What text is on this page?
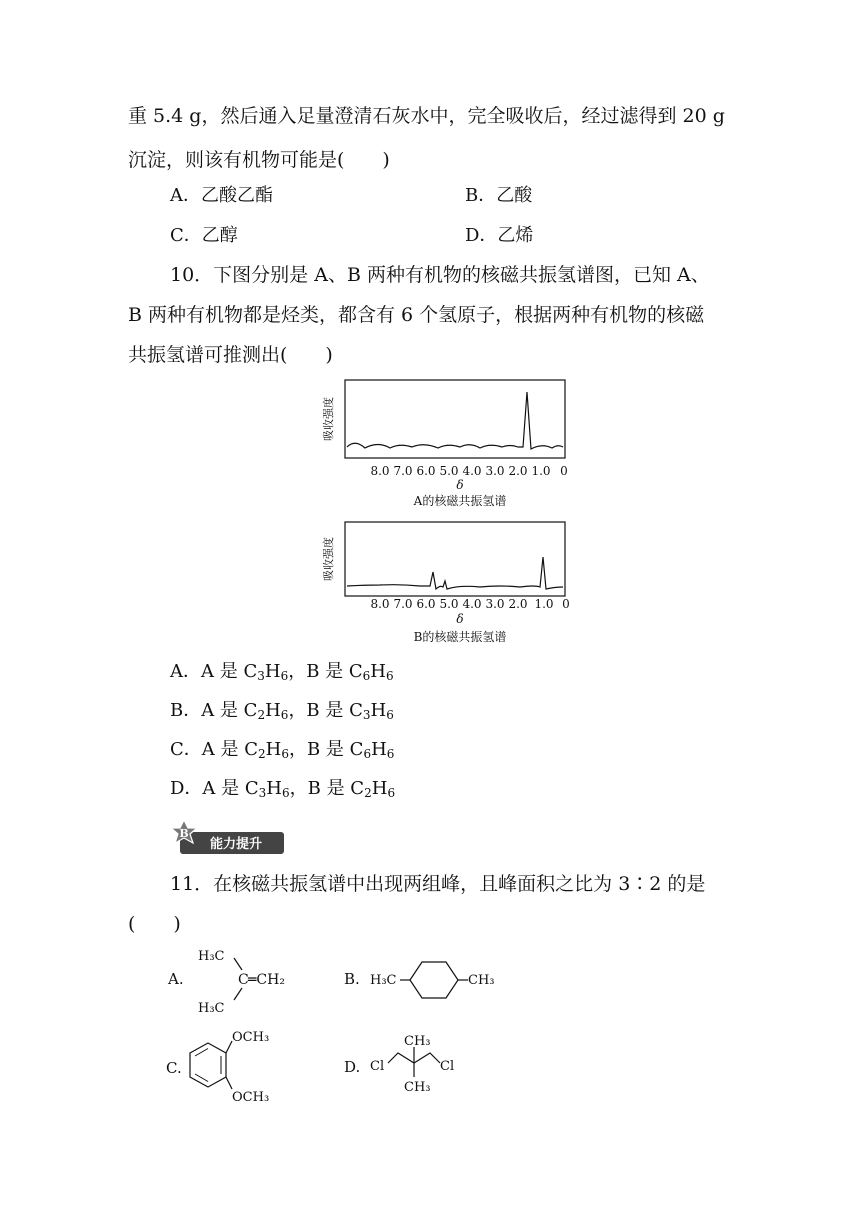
重 5.4 g，然后通入足量澄清石灰水中，完全吸收后，经过滤得到 20 g
沉淀，则该有机物可能是(　　)
A．乙酸乙酯	B．乙酸
C．乙醇	D．乙烯
10．下图分别是 A、B 两种有机物的核磁共振氢谱图，已知 A、
B 两种有机物都是烃类，都含有 6 个氢原子，根据两种有机物的核磁
共振氢谱可推测出(　　)
吸收强度
8.0 7.0 6.0 5.0 4.0 3.0 2.0 1.0 0
δ
A的核磁共振氢谱
吸收强度
8.0 7.0 6.0 5.0 4.0 3.0 2.0 1.0 0
δ
B的核磁共振氢谱
A．A 是 $C_3H_6$，B 是 $C_6H_6$
B．A 是 $C_2H_6$，B 是 $C_3H_6$
C．A 是 $C_2H_6$，B 是 $C_6H_6$
D．A 是 $C_3H_6$，B 是 $C_2H_6$
B
能力提升
11．在核磁共振氢谱中出现两组峰，且峰面积之比为 3∶2 的是
(　　)
A.
H₃C
H₃C
C ═CH₂	B. H₃C	CH₃
C.
OCH₃
OCH₃
D.
CH₃
CH₃
Cl	Cl
